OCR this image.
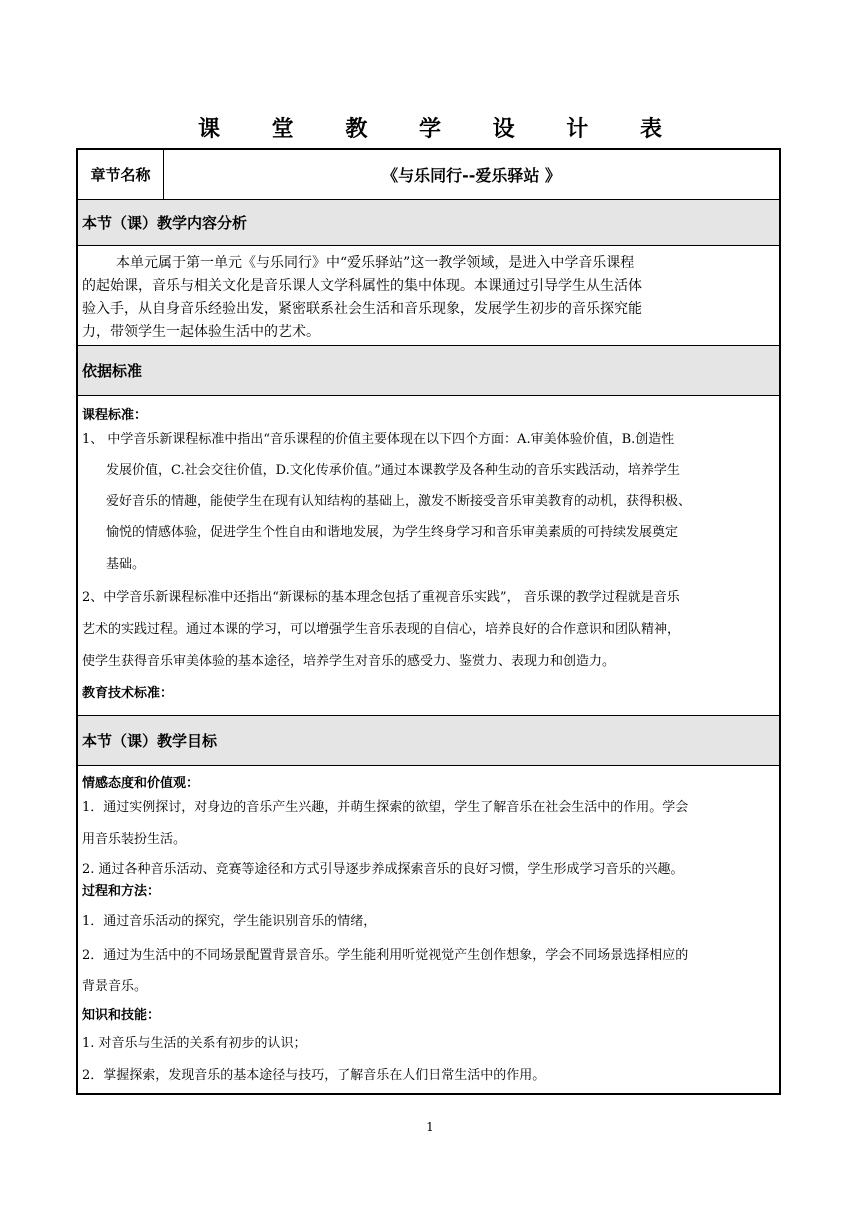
课 堂 教 学 设 计 表
章节名称	《与乐同行--爱乐驿站 》
本节（课）教学内容分析
本单元属于第一单元《与乐同行》中“爱乐驿站”这一教学领域，是进入中学音乐课程
的起始课，音乐与相关文化是音乐课人文学科属性的集中体现。本课通过引导学生从生活体
验入手，从自身音乐经验出发，紧密联系社会生活和音乐现象，发展学生初步的音乐探究能
力，带领学生一起体验生活中的艺术。
依据标准
课程标准：
1、 中学音乐新课程标准中指出“音乐课程的价值主要体现在以下四个方面：A.审美体验价值，B.创造性
发展价值，C.社会交往价值，D.文化传承价值。”通过本课教学及各种生动的音乐实践活动，培养学生
爱好音乐的情趣，能使学生在现有认知结构的基础上，激发不断接受音乐审美教育的动机，获得积极、
愉悦的情感体验，促进学生个性自由和谐地发展，为学生终身学习和音乐审美素质的可持续发展奠定
基础。
2、中学音乐新课程标准中还指出“新课标的基本理念包括了重视音乐实践”， 音乐课的教学过程就是音乐
艺术的实践过程。通过本课的学习，可以增强学生音乐表现的自信心，培养良好的合作意识和团队精神，
使学生获得音乐审美体验的基本途径，培养学生对音乐的感受力、鉴赏力、表现力和创造力。
教育技术标准：
本节（课）教学目标
情感态度和价值观：
1．通过实例探讨，对身边的音乐产生兴趣，并萌生探索的欲望，学生了解音乐在社会生活中的作用。学会
用音乐装扮生活。
2. 通过各种音乐活动、竞赛等途径和方式引导逐步养成探索音乐的良好习惯，学生形成学习音乐的兴趣。
过程和方法：
1．通过音乐活动的探究，学生能识别音乐的情绪，
2．通过为生活中的不同场景配置背景音乐。学生能利用听觉视觉产生创作想象，学会不同场景选择相应的
背景音乐。
知识和技能：
1. 对音乐与生活的关系有初步的认识；
2．掌握探索，发现音乐的基本途径与技巧，了解音乐在人们日常生活中的作用。
1
